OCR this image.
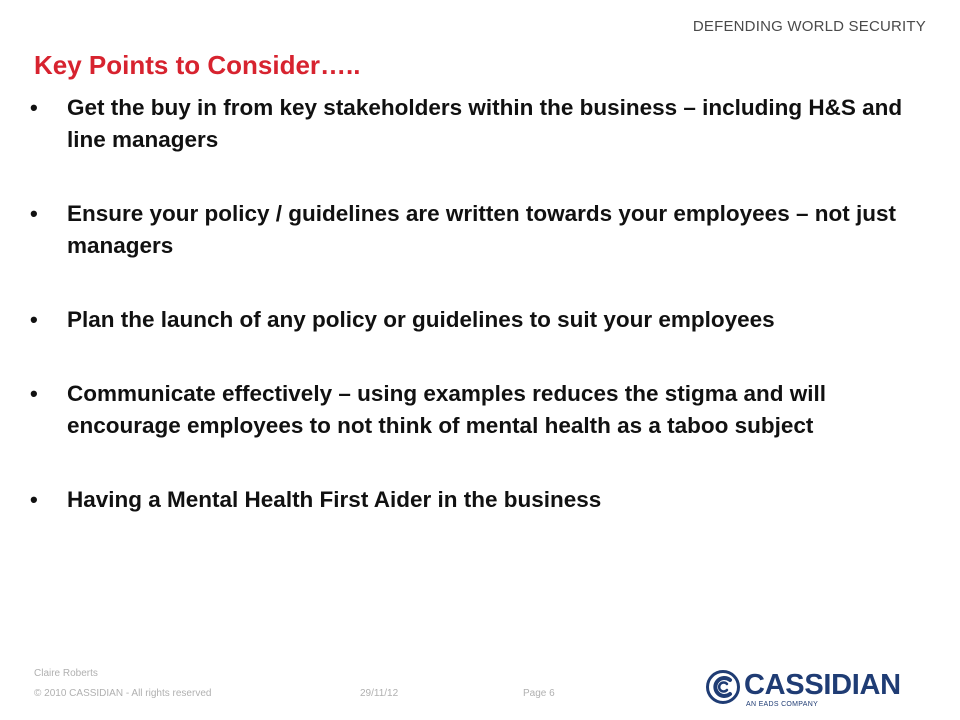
DEFENDING WORLD SECURITY
Key Points to Consider…..
• Get the buy in from key stakeholders within the business – including H&S and line managers
• Ensure your policy / guidelines are written towards your employees – not just managers
• Plan the launch of any policy or guidelines to suit your employees
• Communicate effectively – using examples reduces the stigma and will encourage employees to not think of mental health as a taboo subject
• Having a Mental Health First Aider in the business
Claire Roberts
© 2010 CASSIDIAN - All rights reserved	29/11/12	Page 6	CASSIDIAN
AN EADS COMPANY
